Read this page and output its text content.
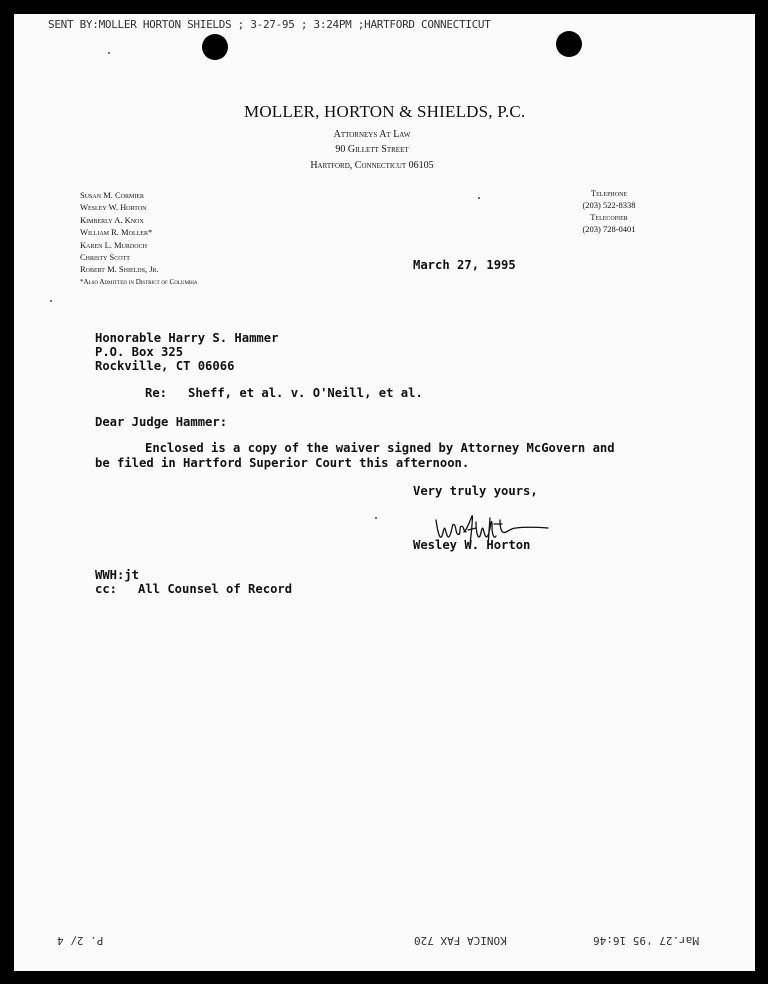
SENT BY:MOLLER HORTON SHIELDS ; 3-27-95 ; 3:24PM ;HARTFORD CONNECTICUT
MOLLER, HORTON & SHIELDS, P.C.
Attorneys At Law
90 Gillett Street
Hartford, Connecticut 06105
Susan M. Cormier
Wesley W. Horton
Kimberly A. Knox
William R. Moller*
Karen L. Murdoch
Christy Scott
Robert M. Shields, Jr.
*Also Admitted in District of Columbia
Telephone
(203) 522-8338
Telecopier
(203) 728-0401
March 27, 1995
Honorable Harry S. Hammer
P.O. Box 325
Rockville, CT 06066
Re: Sheff, et al. v. O'Neill, et al.
Dear Judge Hammer:
Enclosed is a copy of the waiver signed by Attorney McGovern and
be filed in Hartford Superior Court this afternoon.
Very truly yours,
Wesley W. Horton
WWH:jt
cc: All Counsel of Record
Mar.27 '95 16:46
KONICA FAX 720
P. 2/ 4
